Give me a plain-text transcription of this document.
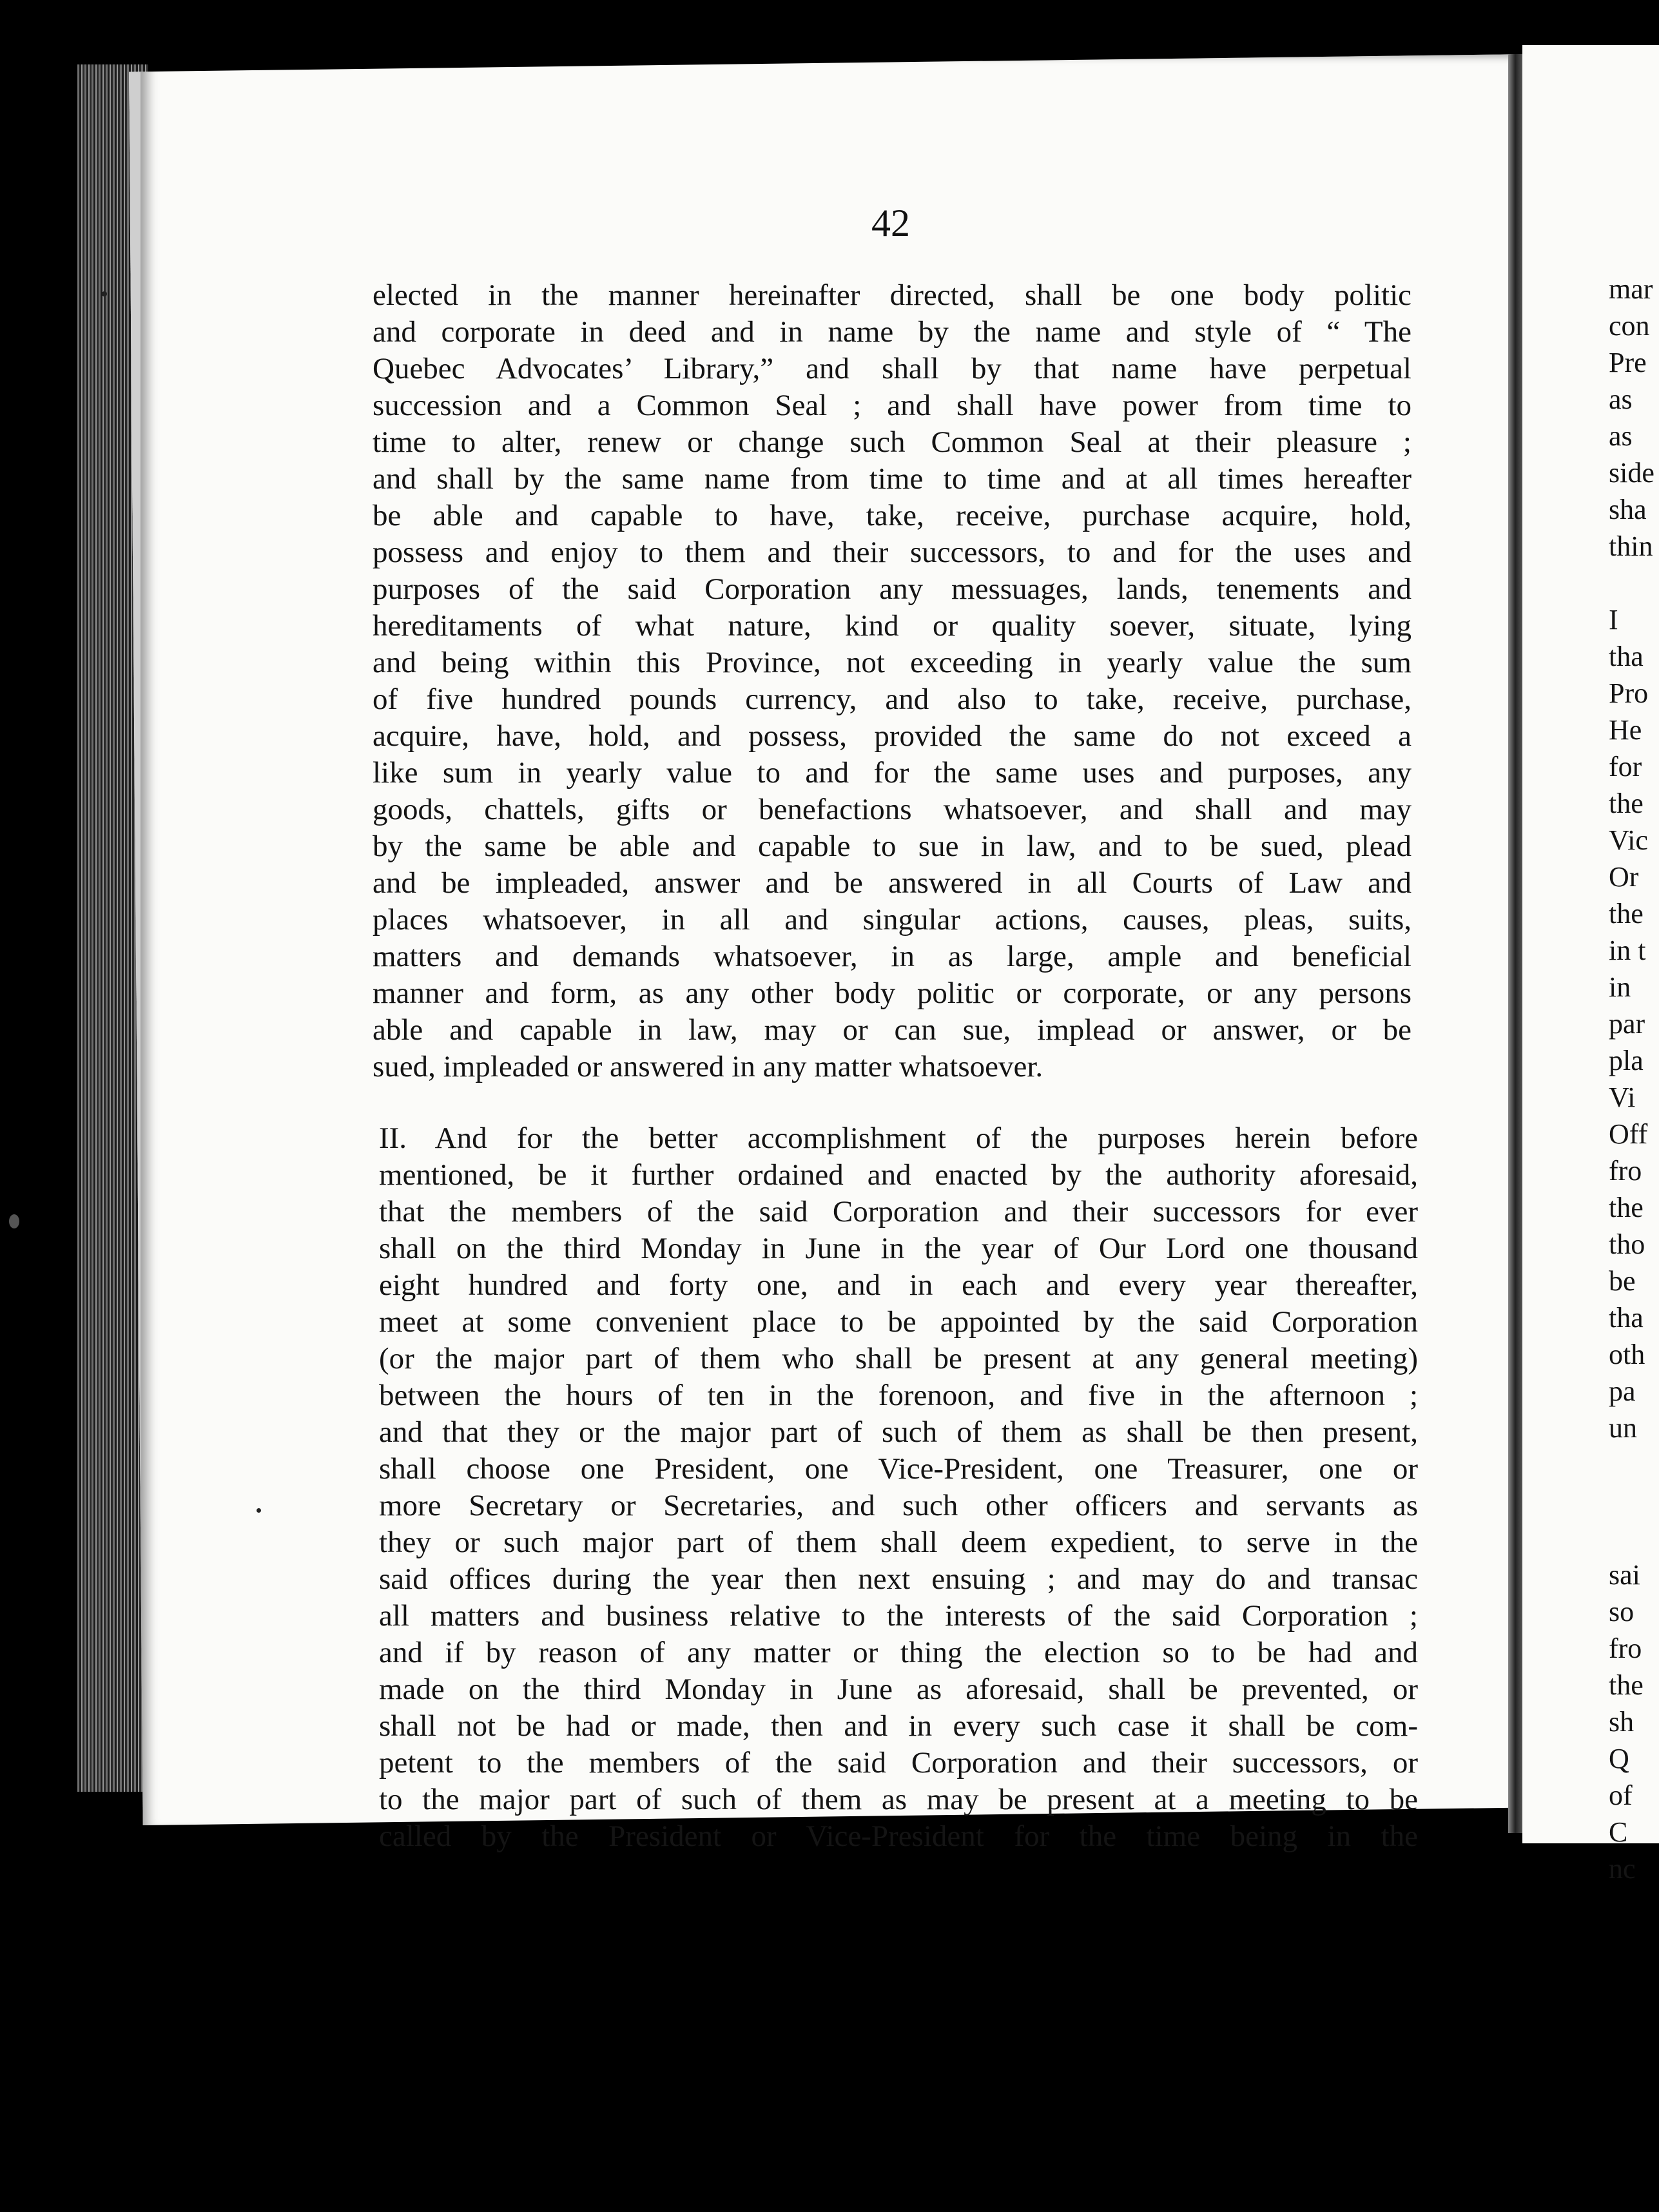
42
elected in the manner hereinafter directed, shall be one body politic
and corporate in deed and in name by the name and style of “ The
Quebec Advocates’ Library,” and shall by that name have perpetual
succession and a Common Seal ; and shall have power from time to
time to alter, renew or change such Common Seal at their pleasure ;
and shall by the same name from time to time and at all times hereafter
be able and capable to have, take, receive, purchase acquire, hold,
possess and enjoy to them and their successors, to and for the uses and
purposes of the said Corporation any messuages, lands, tenements and
hereditaments of what nature, kind or quality soever, situate, lying
and being within this Province, not exceeding in yearly value the sum
of five hundred pounds currency, and also to take, receive, purchase,
acquire, have, hold, and possess, provided the same do not exceed a
like sum in yearly value to and for the same uses and purposes, any
goods, chattels, gifts or benefactions whatsoever, and shall and may
by the same be able and capable to sue in law, and to be sued, plead
and be impleaded, answer and be answered in all Courts of Law and
places whatsoever, in all and singular actions, causes, pleas, suits,
matters and demands whatsoever, in as large, ample and beneficial
manner and form, as any other body politic or corporate, or any persons
able and capable in law, may or can sue, implead or answer, or be
sued, impleaded or answered in any matter whatsoever.
II. And for the better accomplishment of the purposes herein before
mentioned, be it further ordained and enacted by the authority aforesaid,
that the members of the said Corporation and their successors for ever
shall on the third Monday in June in the year of Our Lord one thousand
eight hundred and forty one, and in each and every year thereafter,
meet at some convenient place to be appointed by the said Corporation
(or the major part of them who shall be present at any general meeting)
between the hours of ten in the forenoon, and five in the afternoon ;
and that they or the major part of such of them as shall be then present,
shall choose one President, one Vice-President, one Treasurer, one or
more Secretary or Secretaries, and such other officers and servants as
they or such major part of them shall deem expedient, to serve in the
said offices during the year then next ensuing ; and may do and transac
all matters and business relative to the interests of the said Corporation ;
and if by reason of any matter or thing the election so to be had and
made on the third Monday in June as aforesaid, shall be prevented, or
shall not be had or made, then and in every such case it shall be com-
petent to the members of the said Corporation and their successors, or
to the major part of such of them as may be present at a meeting to be
called by the President or Vice-President for the time being in the
mar
con
Pre
as
as
side
sha
thin
I
tha
Pro
He
for
the
Vic
Or
the
in t
in
par
pla
Vi
Off
fro
the
tho
be
tha
oth
pa
un
sai
so
fro
the
sh
Q
of
C
nc
